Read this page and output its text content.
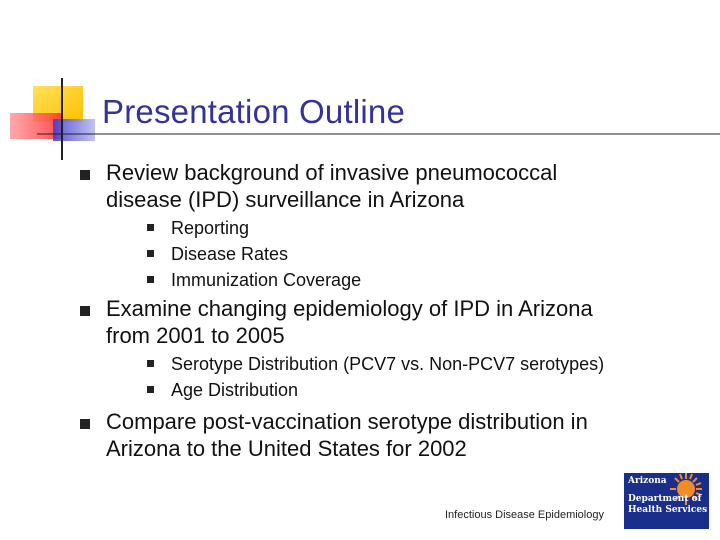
Presentation Outline
Review background of invasive pneumococcal
disease (IPD) surveillance in Arizona
Reporting
Disease Rates
Immunization Coverage
Examine changing epidemiology of IPD in Arizona
from 2001 to 2005
Serotype Distribution (PCV7 vs. Non-PCV7 serotypes)
Age Distribution
Compare post-vaccination serotype distribution in
Arizona to the United States for 2002
Infectious Disease Epidemiology
Arizona
Department of
Health Services
